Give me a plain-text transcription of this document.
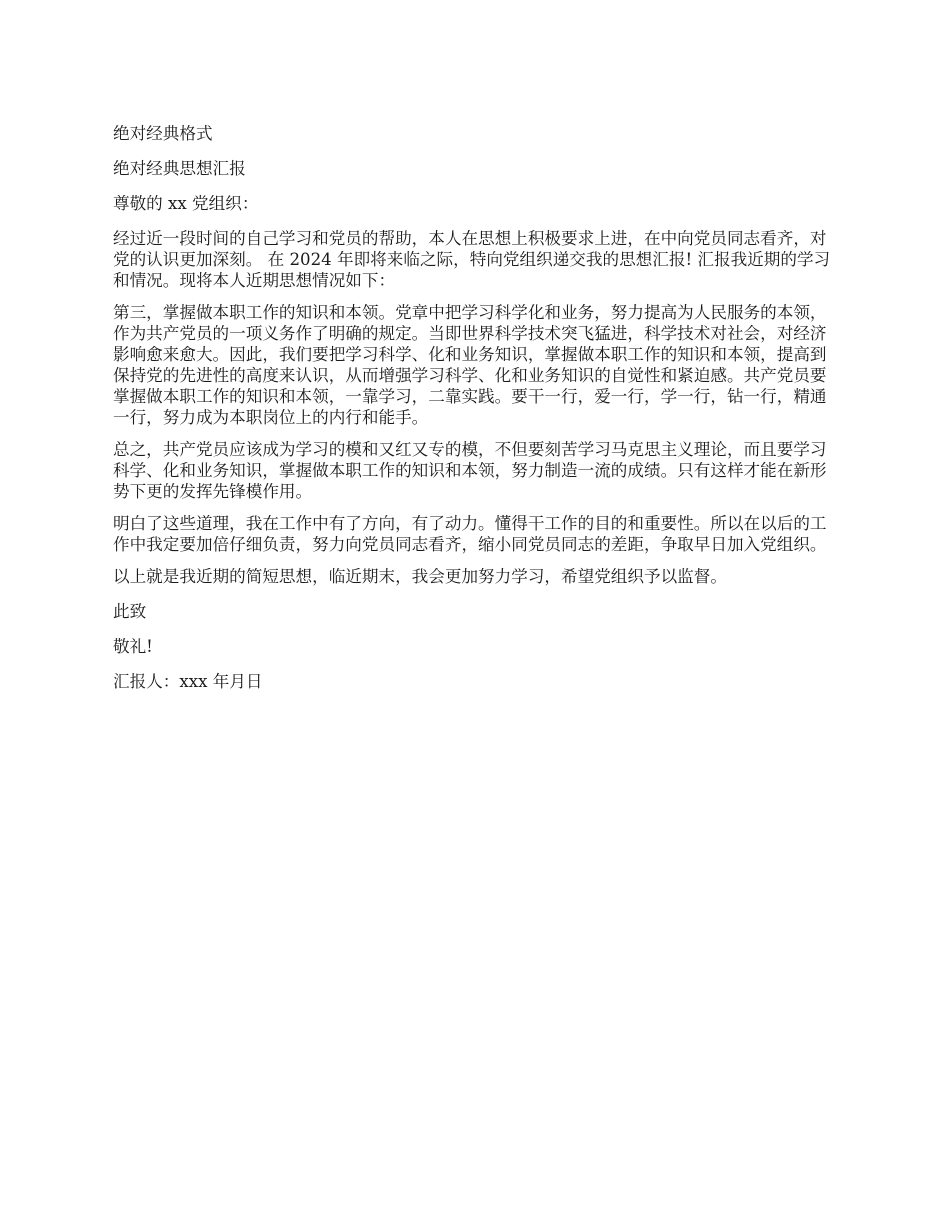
绝对经典格式

绝对经典思想汇报

尊敬的 xx 党组织：

经过近一段时间的自己学习和党员的帮助，本人在思想上积极要求上进，在中向党员同志看齐，对党的认识更加深刻。 在 2024 年即将来临之际，特向党组织递交我的思想汇报! 汇报我近期的学习和情况。现将本人近期思想情况如下：

第三，掌握做本职工作的知识和本领。党章中把学习科学化和业务，努力提高为人民服务的本领，作为共产党员的一项义务作了明确的规定。当即世界科学技术突飞猛进，科学技术对社会，对经济影响愈来愈大。因此，我们要把学习科学、化和业务知识，掌握做本职工作的知识和本领，提高到保持党的先进性的高度来认识，从而增强学习科学、化和业务知识的自觉性和紧迫感。共产党员要掌握做本职工作的知识和本领，一靠学习，二靠实践。要干一行，爱一行，学一行，钻一行，精通一行，努力成为本职岗位上的内行和能手。

总之，共产党员应该成为学习的模和又红又专的模，不但要刻苦学习马克思主义理论，而且要学习科学、化和业务知识，掌握做本职工作的知识和本领，努力制造一流的成绩。只有这样才能在新形势下更的发挥先锋模作用。

明白了这些道理，我在工作中有了方向，有了动力。懂得干工作的目的和重要性。所以在以后的工作中我定要加倍仔细负责，努力向党员同志看齐，缩小同党员同志的差距，争取早日加入党组织。

以上就是我近期的简短思想，临近期末，我会更加努力学习，希望党组织予以监督。

此致

敬礼!

汇报人：xxx 年月日
